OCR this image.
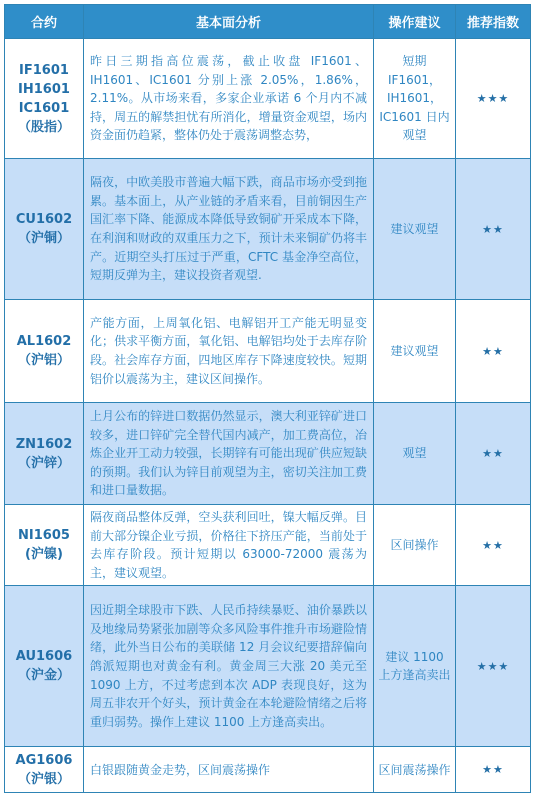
合约	基本面分析	操作建议	推荐指数

IF1601
IH1601
IC1601
（股指）	昨日三期指高位震荡，截止收盘 IF1601、IH1601、IC1601 分别上涨 2.05%，1.86%，2.11%。从市场来看，多家企业承诺 6 个月内不减持，周五的解禁担忧有所消化，增量资金观望，场内资金面仍趋紧，整体仍处于震荡调整态势，	短期 IF1601，IH1601，IC1601 日内观望	★★★

CU1602
（沪铜）	隔夜，中欧美股市普遍大幅下跌，商品市场亦受到拖累。基本面上，从产业链的矛盾来看，目前铜因生产国汇率下降、能源成本降低导致铜矿开采成本下降，在利润和财政的双重压力之下，预计未来铜矿仍将丰产。近期空头打压过于严重，CFTC 基金净空高位，短期反弹为主，建议投资者观望.	建议观望	★★

AL1602
（沪铝）	产能方面，上周氧化铝、电解铝开工产能无明显变化；供求平衡方面，氧化铝、电解铝均处于去库存阶段。社会库存方面，四地区库存下降速度较快。短期铝价以震荡为主，建议区间操作。	建议观望	★★

ZN1602
（沪锌）	上月公布的锌进口数据仍然显示，澳大利亚锌矿进口较多，进口锌矿完全替代国内减产，加工费高位，冶炼企业开工动力较强，长期锌有可能出现矿供应短缺的预期。我们认为锌目前观望为主，密切关注加工费和进口量数据。	观望	★★

NI1605
(沪镍)	隔夜商品整体反弹，空头获利回吐，镍大幅反弹。目前大部分镍企业亏损，价格往下挤压产能，当前处于去库存阶段。预计短期以 63000-72000 震荡为主，建议观望。	区间操作	★★

AU1606
（沪金）	因近期全球股市下跌、人民币持续暴贬、油价暴跌以及地缘局势紧张加剧等众多风险事件推升市场避险情绪，此外当日公布的美联储 12 月会议纪要措辞偏向鸽派短期也对黄金有利。黄金周三大涨 20 美元至 1090 上方，不过考虑到本次 ADP 表现良好，这为周五非农开个好头，预计黄金在本轮避险情绪之后将重归弱势。操作上建议 1100 上方逢高卖出。	建议 1100 上方逢高卖出	★★★

AG1606
（沪银）	白银跟随黄金走势，区间震荡操作	区间震荡操作	★★
